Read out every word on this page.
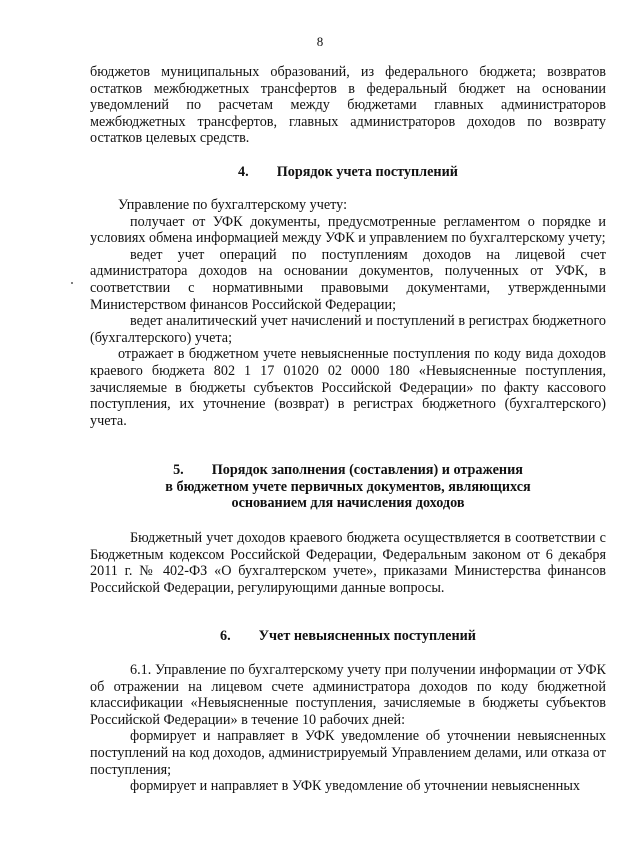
8

бюджетов муниципальных образований, из федерального бюджета; возвратов остатков межбюджетных трансфертов в федеральный бюджет на основании уведомлений по расчетам между бюджетами главных администраторов межбюджетных трансфертов, главных администраторов доходов по возврату остатков целевых средств.

4. Порядок учета поступлений

Управление по бухгалтерскому учету:

получает от УФК документы, предусмотренные регламентом о порядке и условиях обмена информацией между УФК и управлением по бухгалтерскому учету;

ведет учет операций по поступлениям доходов на лицевой счет администратора доходов на основании документов, полученных от УФК, в соответствии с нормативными правовыми документами, утвержденными Министерством финансов Российской Федерации;

ведет аналитический учет начислений и поступлений в регистрах бюджетного (бухгалтерского) учета;

отражает в бюджетном учете невыясненные поступления по коду вида доходов краевого бюджета 802 1 17 01020 02 0000 180 «Невыясненные поступления, зачисляемые в бюджеты субъектов Российской Федерации» по факту кассового поступления, их уточнение (возврат) в регистрах бюджетного (бухгалтерского) учета.

5. Порядок заполнения (составления) и отражения

в бюджетном учете первичных документов, являющихся

основанием для начисления доходов

Бюджетный учет доходов краевого бюджета осуществляется в соответствии с Бюджетным кодексом Российской Федерации, Федеральным законом от 6 декабря 2011 г. № 402-ФЗ «О бухгалтерском учете», приказами Министерства финансов Российской Федерации, регулирующими данные вопросы.

6. Учет невыясненных поступлений

6.1. Управление по бухгалтерскому учету при получении информации от УФК об отражении на лицевом счете администратора доходов по коду бюджетной классификации «Невыясненные поступления, зачисляемые в бюджеты субъектов Российской Федерации» в течение 10 рабочих дней:

формирует и направляет в УФК уведомление об уточнении невыясненных поступлений на код доходов, администрируемый Управлением делами, или отказа от поступления;

формирует и направляет в УФК уведомление об уточнении невыясненных
